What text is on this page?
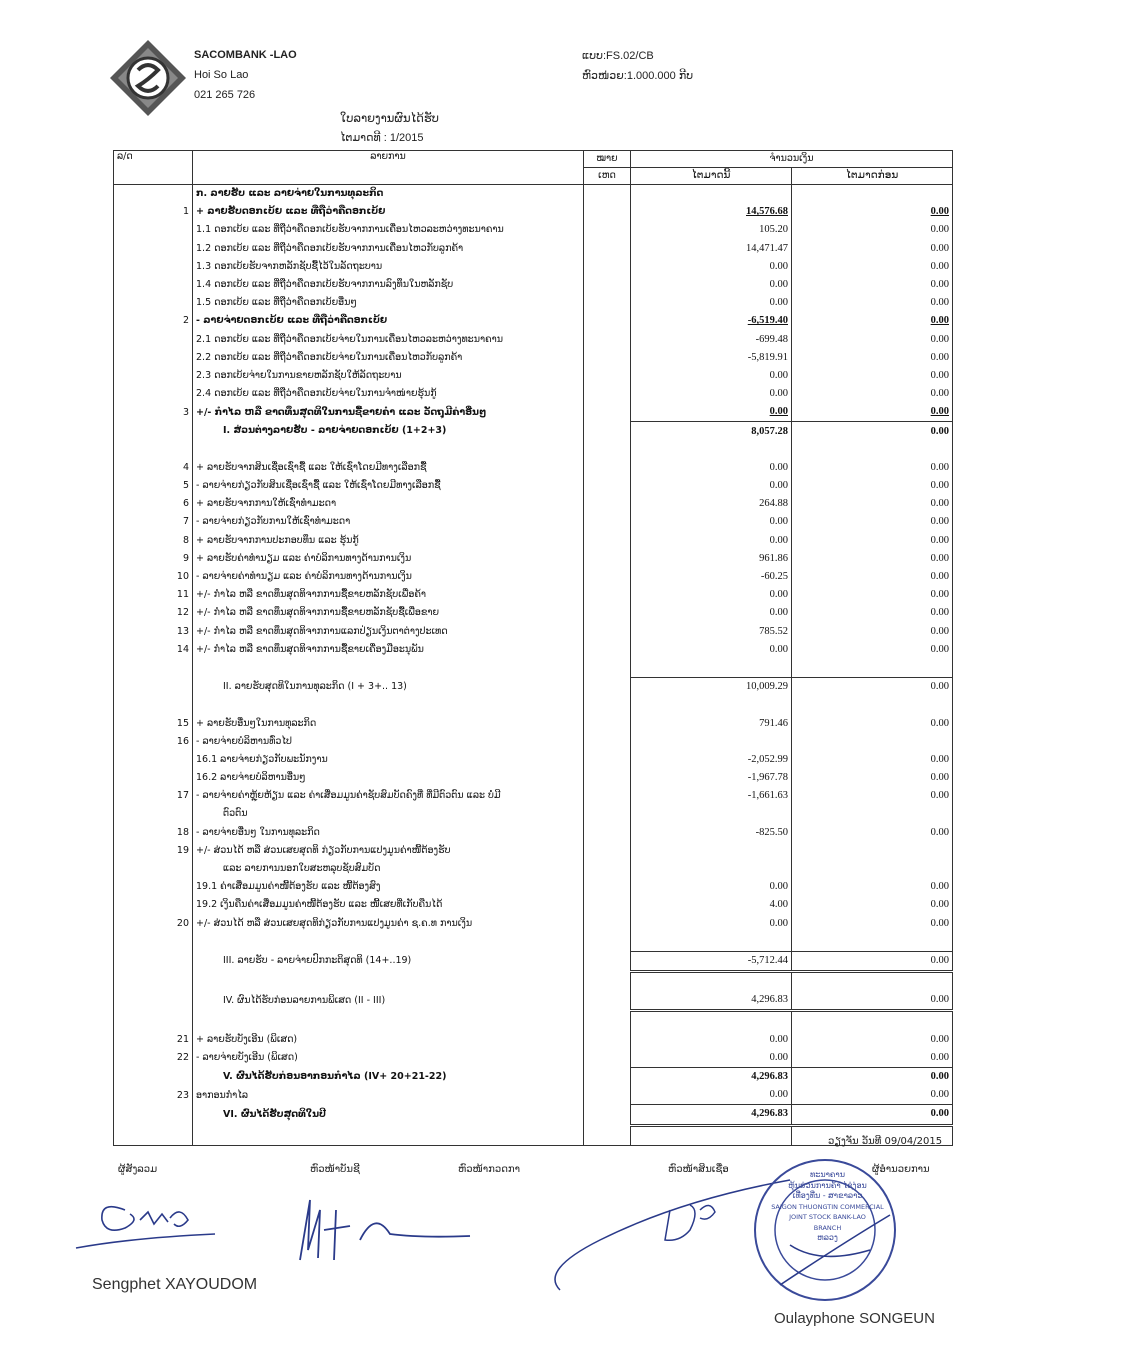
SACOMBANK -LAO
Hoi So Lao
021 265 726
ແບບ:FS.02/CB
ຫົວໜ່ວຍ:1.000.000 ກີບ
ໃບລາຍງານຜົນໄດ້ຮັບ
ໄຕມາດທີ : 1/2015
ລ/ດ	ລາຍການ	ໝາຍ	ຈຳນວນເງິນ	
		ເຫດ	ໄຕມາດນີ້	ໄຕມາດກ່ອນ
	ກ. ລາຍຮັບ ແລະ ລາຍຈ່າຍໃນການທຸລະກິດ			
1	+ ລາຍຮັບດອກເບ້ຍ ແລະ ທີ່ຖືວ່າຄືດອກເບ້ຍ		14,576.68	0.00
	1.1 ດອກເບ້ຍ ແລະ ທີ່ຖືວ່າຄືດອກເບ້ຍຮັບຈາກການເຄື່ອນໄຫວລະຫວ່າງທະນາຄານ		105.20	0.00
	1.2 ດອກເບ້ຍ ແລະ ທີ່ຖືວ່າຄືດອກເບ້ຍຮັບຈາກການເຄື່ອນໄຫວກັບລູກຄ້າ		14,471.47	0.00
	1.3 ດອກເບ້ຍຮັບຈາກຫລັກຊັບຊື້ໄວ້ໃນລັດຖະບານ		0.00	0.00
	1.4 ດອກເບ້ຍ ແລະ ທີ່ຖືວ່າຄືດອກເບ້ຍຮັບຈາກການລົງທຶນໃນຫລັກຊັບ		0.00	0.00
	1.5 ດອກເບ້ຍ ແລະ ທີ່ຖືວ່າຄືດອກເບ້ຍອື່ນໆ		0.00	0.00
2	- ລາຍຈ່າຍດອກເບ້ຍ ແລະ ທີ່ຖືວ່າຄືດອກເບ້ຍ		-6,519.40	0.00
	2.1 ດອກເບ້ຍ ແລະ ທີ່ຖືວ່າຄືດອກເບ້ຍຈ່າຍໃນການເຄື່ອນໄຫວລະຫວ່າງທະນາຄານ		-699.48	0.00
	2.2 ດອກເບ້ຍ ແລະ ທີ່ຖືວ່າຄືດອກເບ້ຍຈ່າຍໃນການເຄື່ອນໄຫວກັບລູກຄ້າ		-5,819.91	0.00
	2.3 ດອກເບ້ຍຈ່າຍໃນການຂາຍຫລັກຊັບໃຫ້ລັດຖະບານ		0.00	0.00
	2.4 ດອກເບ້ຍ ແລະ ທີ່ຖືວ່າຄືດອກເບ້ຍຈ່າຍໃນການຈຳໜ່າຍຮຸ້ນກູ້		0.00	0.00
3	+/- ກຳໄລ ຫລື ຂາດທຶນສຸດທິໃນການຊື້ຂາຍຄຳ ແລະ ວັດຖຸມີຄ່າອື່ນໆ		0.00	0.00
	I. ສ່ວນຕ່າງລາຍຮັບ - ລາຍຈ່າຍດອກເບ້ຍ (1+2+3)		8,057.28	0.00

4	+ ລາຍຮັບຈາກສິນເຊື່ອເຊົ່າຊື້ ແລະ ໃຫ້ເຊົ່າໂດຍມີທາງເລືອກຊື້		0.00	0.00
5	- ລາຍຈ່າຍກ່ຽວກັບສິນເຊື່ອເຊົ່າຊື້ ແລະ ໃຫ້ເຊົ່າໂດຍມີທາງເລືອກຊື້		0.00	0.00
6	+ ລາຍຮັບຈາກການໃຫ້ເຊົ່າທຳມະດາ		264.88	0.00
7	- ລາຍຈ່າຍກ່ຽວກັບການໃຫ້ເຊົ່າທຳມະດາ		0.00	0.00
8	+ ລາຍຮັບຈາກການປະກອບທຶນ ແລະ ຮຸ້ນກູ້		0.00	0.00
9	+ ລາຍຮັບຄ່າທຳນຽມ ແລະ ຄ່າບໍລິການທາງດ້ານການເງິນ		961.86	0.00
10	- ລາຍຈ່າຍຄ່າທຳນຽມ ແລະ ຄ່າບໍລິການທາງດ້ານການເງິນ		-60.25	0.00
11	+/- ກຳໄລ ຫລື ຂາດທຶນສຸດທິຈາກການຊື້ຂາຍຫລັກຊັບເພື່ອຄ້າ		0.00	0.00
12	+/- ກຳໄລ ຫລື ຂາດທຶນສຸດທິຈາກການຊື້ຂາຍຫລັກຊັບຊື້ເພື່ອຂາຍ		0.00	0.00
13	+/- ກຳໄລ ຫລື ຂາດທຶນສຸດທິຈາກການແລກປ່ຽນເງິນຕາຕ່າງປະເທດ		785.52	0.00
14	+/- ກຳໄລ ຫລື ຂາດທຶນສຸດທິຈາກການຊື້ຂາຍເຄື່ອງມືອະນຸພັນ		0.00	0.00

	II. ລາຍຮັບສຸດທິໃນການທຸລະກິດ (I + 3+.. 13)		10,009.29	0.00

15	+ ລາຍຮັບອື່ນໆໃນການທຸລະກິດ		791.46	0.00
16	- ລາຍຈ່າຍບໍລິຫານທົ່ວໄປ			
	16.1 ລາຍຈ່າຍກ່ຽວກັບພະນັກງານ		-2,052.99	0.00
	16.2 ລາຍຈ່າຍບໍລິຫານອື່ນໆ		-1,967.78	0.00
17	- ລາຍຈ່າຍຄ່າຫຼຸ້ຍຫ້ຽນ ແລະ ຄ່າເສື່ອມມູນຄ່າຊັບສົມບັດຄົງທີ່ ທີ່ມີຕົວຕົນ ແລະ ບໍ່ມີ		-1,661.63	0.00
	ຕົວຕົນ			
18	- ລາຍຈ່າຍອື່ນໆ ໃນການທຸລະກິດ		-825.50	0.00
19	+/- ສ່ວນໄດ້ ຫລື ສ່ວນເສຍສຸດທິ ກ່ຽວກັບການແປງມູນຄ່າໜີ້ຕ້ອງຮັບ			
	ແລະ ລາຍການນອກໃບສະຫລຸບຊັບສົມບັດ			
	19.1 ຄ່າເສື່ອມມູນຄ່າໜີ້ຕ້ອງຮັບ ແລະ ໜີ້ຕ້ອງສົງ		0.00	0.00
	19.2 ເງິນຄືນຄ່າເສື່ອມມູນຄ່າໜີ້ຕ້ອງຮັບ ແລະ ໜີ້ເສຍທີ່ເກັບຄືນໄດ້		4.00	0.00
20	+/- ສ່ວນໄດ້ ຫລື ສ່ວນເສຍສຸດທິກ່ຽວກັບການແປງມູນຄ່າ ຊ.ຄ.ທ ການເງິນ		0.00	0.00

	III. ລາຍຮັບ - ລາຍຈ່າຍປົກກະຕິສຸດທິ (14+..19)		-5,712.44	0.00

	IV. ຜົນໄດ້ຮັບກ່ອນລາຍການພິເສດ (II - III)		4,296.83	0.00

21	+ ລາຍຮັບບັງເອີນ (ພິເສດ)		0.00	0.00
22	- ລາຍຈ່າຍບັງເອີນ (ພິເສດ)		0.00	0.00
	V. ຜົນໄດ້ຮັບກ່ອນອາກອນກຳໄລ (IV+ 20+21-22)		4,296.83	0.00
23	ອາກອນກຳໄລ		0.00	0.00
	VI. ຜົນໄດ້ຮັບສຸດທິໃນປີ		4,296.83	0.00

ວຽງຈັນ ວັນທີ 09/04/2015
ຜູ້ສັງລວມ	ຫົວໜ້າບັນຊີ	ຫົວໜ້າກວດກາ	ຫົວໜ້າສິນເຊື່ອ	ຜູ້ອຳນວຍການ
ທະນາຄານ
ຫຸ້ນສ່ວນການຄ້າ ໄຊ່ງ່ອນ
ເທື່ອງທີ່ນ - ສາຂາລາວ
SAIGON THUONGTIN COMMERCIAL
JOINT STOCK BANK-LAO
BRANCH
ຫລວງ
Sengphet XAYOUDOM
Oulayphone SONGEUN
